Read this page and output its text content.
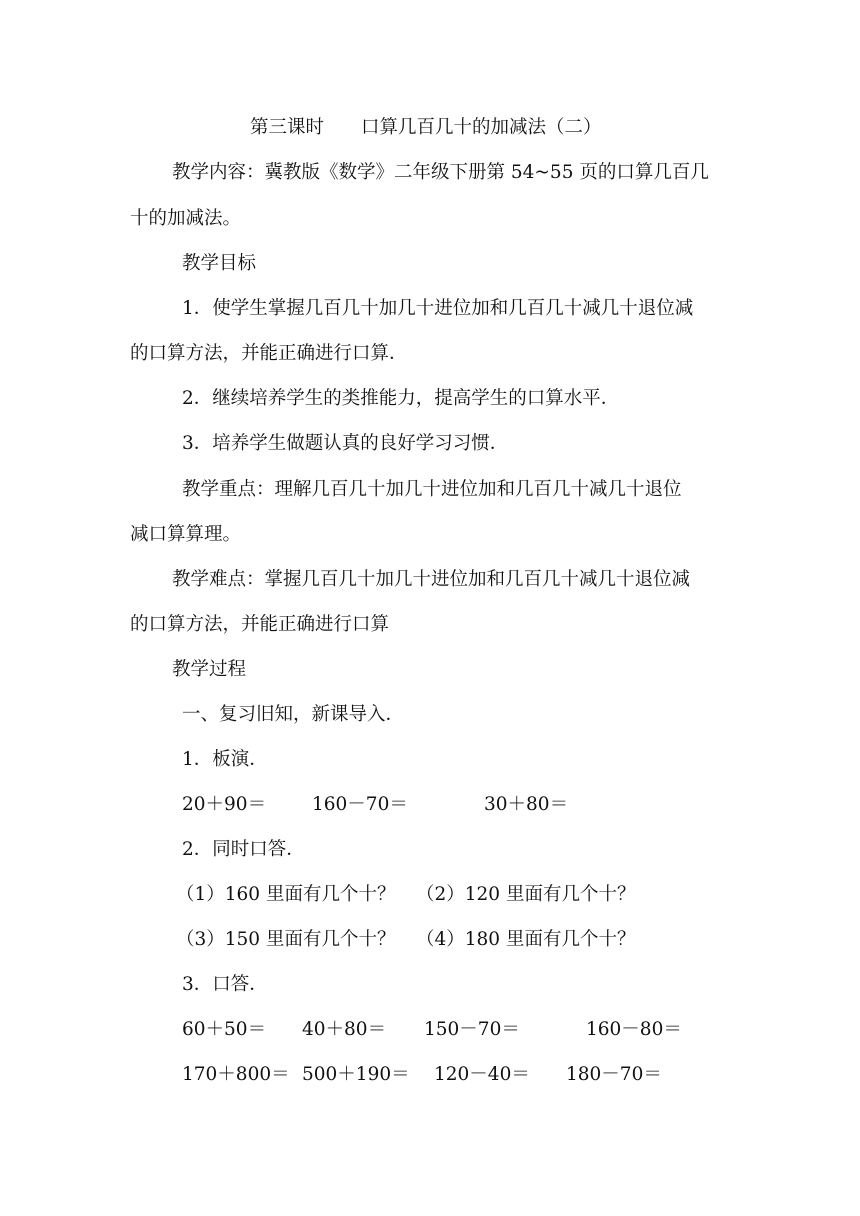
第三课时　　口算几百几十的加减法（二）
教学内容：冀教版《数学》二年级下册第 54~55 页的口算几百几
十的加减法。
教学目标
1．使学生掌握几百几十加几十进位加和几百几十减几十退位减
的口算方法，并能正确进行口算．
2．继续培养学生的类推能力，提高学生的口算水平．
3．培养学生做题认真的良好学习习惯．
教学重点：理解几百几十加几十进位加和几百几十减几十退位
减口算算理。
教学难点：掌握几百几十加几十进位加和几百几十减几十退位减
的口算方法，并能正确进行口算
教学过程
一、复习旧知，新课导入．
1．板演．
20＋90＝ 160－70＝	30＋80＝
2．同时口答．
（1）160 里面有几个十？ （2）120 里面有几个十？
（3）150 里面有几个十？ （4）180 里面有几个十？
3．口答．
60＋50＝ 40＋80＝ 150－70＝	160－80＝
170＋800＝ 500＋190＝ 120－40＝ 180－70＝
